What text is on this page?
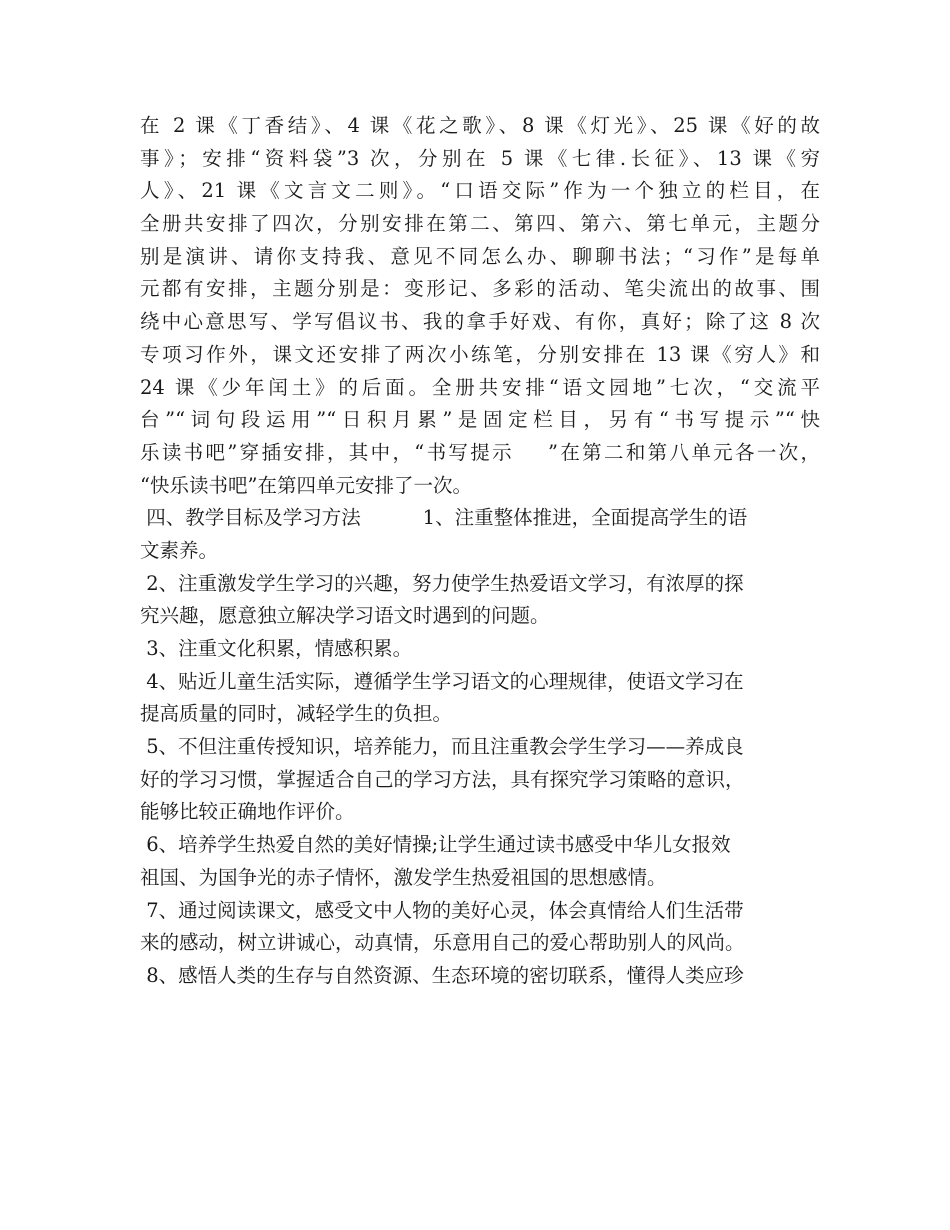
在 2 课《丁香结》、4 课《花之歌》、8 课《灯光》、25 课《好的故
事》；安排“资料袋”3 次，分别在 5 课《七律.长征》、13 课《穷
人》、21 课《文言文二则》。“口语交际”作为一个独立的栏目，在
全册共安排了四次，分别安排在第二、第四、第六、第七单元，主题分
别是演讲、请你支持我、意见不同怎么办、聊聊书法；“习作”是每单
元都有安排，主题分别是：变形记、多彩的活动、笔尖流出的故事、围
绕中心意思写、学写倡议书、我的拿手好戏、有你，真好；除了这 8 次
专项习作外，课文还安排了两次小练笔，分别安排在 13 课《穷人》和
24 课《少年闰土》的后面。全册共安排“语文园地”七次，“交流平
台”“词句段运用”“日积月累”是固定栏目，另有“书写提示”“快
乐读书吧”穿插安排，其中，“书写提示    ”在第二和第八单元各一次，
“快乐读书吧”在第四单元安排了一次。
四、教学目标及学习方法          1、注重整体推进，全面提高学生的语
文素养。
2、注重激发学生学习的兴趣，努力使学生热爱语文学习，有浓厚的探
究兴趣，愿意独立解决学习语文时遇到的问题。
3、注重文化积累，情感积累。
4、贴近儿童生活实际，遵循学生学习语文的心理规律，使语文学习在
提高质量的同时，减轻学生的负担。
5、不但注重传授知识，培养能力，而且注重教会学生学习——养成良
好的学习习惯，掌握适合自己的学习方法，具有探究学习策略的意识，
能够比较正确地作评价。
6、培养学生热爱自然的美好情操;让学生通过读书感受中华儿女报效
祖国、为国争光的赤子情怀，激发学生热爱祖国的思想感情。
7、通过阅读课文，感受文中人物的美好心灵，体会真情给人们生活带
来的感动，树立讲诚心，动真情，乐意用自己的爱心帮助别人的风尚。
8、感悟人类的生存与自然资源、生态环境的密切联系，懂得人类应珍
